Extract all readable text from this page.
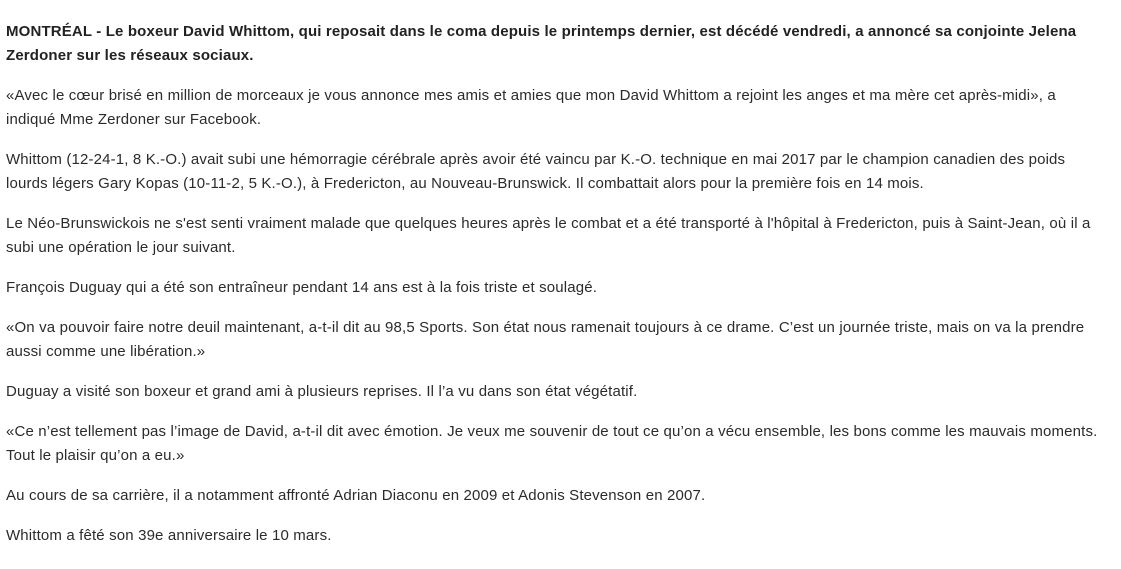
MONTRÉAL - Le boxeur David Whittom, qui reposait dans le coma depuis le printemps dernier, est décédé vendredi, a annoncé sa conjointe Jelena Zerdoner sur les réseaux sociaux.

«Avec le cœur brisé en million de morceaux je vous annonce mes amis et amies que mon David Whittom a rejoint les anges et ma mère cet après-midi», a indiqué Mme Zerdoner sur Facebook.

Whittom (12-24-1, 8 K.-O.) avait subi une hémorragie cérébrale après avoir été vaincu par K.-O. technique en mai 2017 par le champion canadien des poids lourds légers Gary Kopas (10-11-2, 5 K.-O.), à Fredericton, au Nouveau-Brunswick. Il combattait alors pour la première fois en 14 mois.

Le Néo-Brunswickois ne s'est senti vraiment malade que quelques heures après le combat et a été transporté à l'hôpital à Fredericton, puis à Saint-Jean, où il a subi une opération le jour suivant.

François Duguay qui a été son entraîneur pendant 14 ans est à la fois triste et soulagé.

«On va pouvoir faire notre deuil maintenant, a-t-il dit au 98,5 Sports. Son état nous ramenait toujours à ce drame. C’est un journée triste, mais on va la prendre aussi comme une libération.»

Duguay a visité son boxeur et grand ami à plusieurs reprises. Il l’a vu dans son état végétatif.

«Ce n’est tellement pas l’image de David, a-t-il dit avec émotion. Je veux me souvenir de tout ce qu’on a vécu ensemble, les bons comme les mauvais moments. Tout le plaisir qu’on a eu.»

Au cours de sa carrière, il a notamment affronté Adrian Diaconu en 2009 et Adonis Stevenson en 2007.

Whittom a fêté son 39e anniversaire le 10 mars.
